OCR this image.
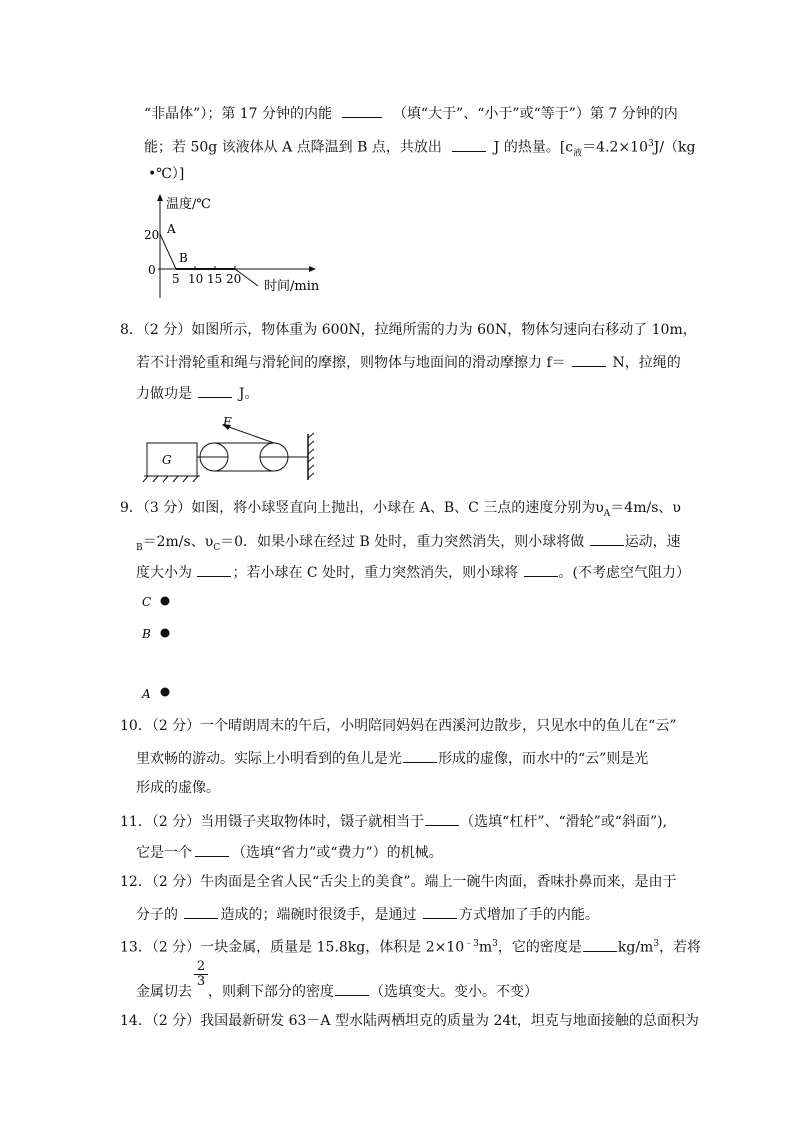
“非晶体”）；第 17 分钟的内能	（填“大于”、“小于”或“等于”）第 7 分钟的内
能；若 50g 该液体从 A 点降温到 B 点，共放出	J 的热量。[$c_液=4.2\times 10^3J/(kg$
•℃）]
温度/℃
20
0
A
B
5 10 15 20 时间/min
8．（2 分）如图所示，物体重为 600N，拉绳所需的力为 60N，物体匀速向右移动了 10m，
若不计滑轮重和绳与滑轮间的摩擦，则物体与地面间的滑动摩擦力 f＝	N，拉绳的
力做功是	J。
G
F
9．（3 分）如图，将小球竖直向上抛出，小球在 A、B、C 三点的速度分别为$\upsilon_A=4m/s$、υ
$_B$＝2m/s、$\upsilon_C=0$．如果小球在经过 B 处时，重力突然消失，则小球将做	运动，速
度大小为	；若小球在 C 处时，重力突然消失，则小球将	。(不考虑空气阻力）
C
B
A
10．（2 分）一个晴朗周末的午后，小明陪同妈妈在西溪河边散步，只见水中的鱼儿在“云”
里欢畅的游动。实际上小明看到的鱼儿是光	形成的虚像，而水中的“云”则是光
形成的虚像。
11．（2 分）当用镊子夹取物体时，镊子就相当于	（选填“杠杆”、“滑轮”或“斜面”),
它是一个	（选填“省力”或“费力”）的机械。
12．（2 分）牛肉面是全省人民“舌尖上的美食”。端上一碗牛肉面，香味扑鼻而来，是由于
分子的	造成的；端碗时很烫手，是通过	方式增加了手的内能。
13．（2 分）一块金属，质量是 15.8kg，体积是 $2\times 10^{﹣3}m^3$，它的密度是	$kg/m^3$，若将
2
3
金属切去 ，则剩下部分的密度	（选填变大。变小。不变）
14．（2 分）我国最新研发 63－A 型水陆两栖坦克的质量为 24t，坦克与地面接触的总面积为
